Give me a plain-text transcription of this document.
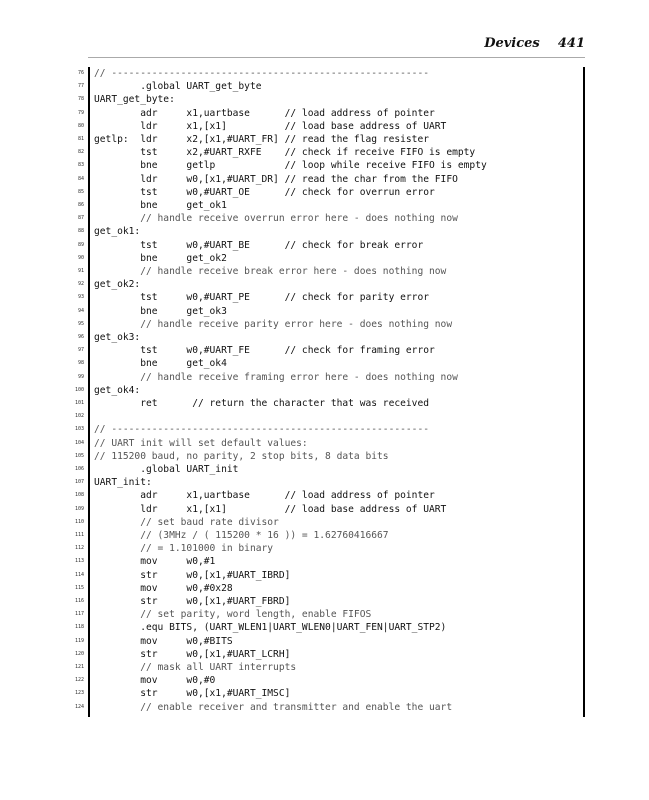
Devices 441
76 // -------------------------------------------------------
77 .global UART_get_byte
78 UART_get_byte:
79 adr     x1,uartbase      // load address of pointer
80 ldr     x1,[x1]          // load base address of UART
81 getlp:  ldr     x2,[x1,#UART_FR] // read the flag resister
82 tst     x2,#UART_RXFE    // check if receive FIFO is empty
83 bne     getlp            // loop while receive FIFO is empty
84 ldr     w0,[x1,#UART_DR] // read the char from the FIFO
85 tst     w0,#UART_OE      // check for overrun error
86 bne     get_ok1
87 // handle receive overrun error here - does nothing now
88 get_ok1:
89 tst     w0,#UART_BE      // check for break error
90 bne     get_ok2
91 // handle receive break error here - does nothing now
92 get_ok2:
93 tst     w0,#UART_PE      // check for parity error
94 bne     get_ok3
95 // handle receive parity error here - does nothing now
96 get_ok3:
97 tst     w0,#UART_FE      // check for framing error
98 bne     get_ok4
99 // handle receive framing error here - does nothing now
100 get_ok4:
101 ret      // return the character that was received
102
103 // -------------------------------------------------------
104 // UART init will set default values:
105 // 115200 baud, no parity, 2 stop bits, 8 data bits
106 .global UART_init
107 UART_init:
108 adr     x1,uartbase      // load address of pointer
109 ldr     x1,[x1]          // load base address of UART
110 // set baud rate divisor
111 // (3MHz / ( 115200 * 16 )) = 1.62760416667
112 // = 1.101000 in binary
113 mov     w0,#1
114 str     w0,[x1,#UART_IBRD]
115 mov     w0,#0x28
116 str     w0,[x1,#UART_FBRD]
117 // set parity, word length, enable FIFOS
118 .equ BITS, (UART_WLEN1|UART_WLEN0|UART_FEN|UART_STP2)
119 mov     w0,#BITS
120 str     w0,[x1,#UART_LCRH]
121 // mask all UART interrupts
122 mov     w0,#0
123 str     w0,[x1,#UART_IMSC]
124 // enable receiver and transmitter and enable the uart
